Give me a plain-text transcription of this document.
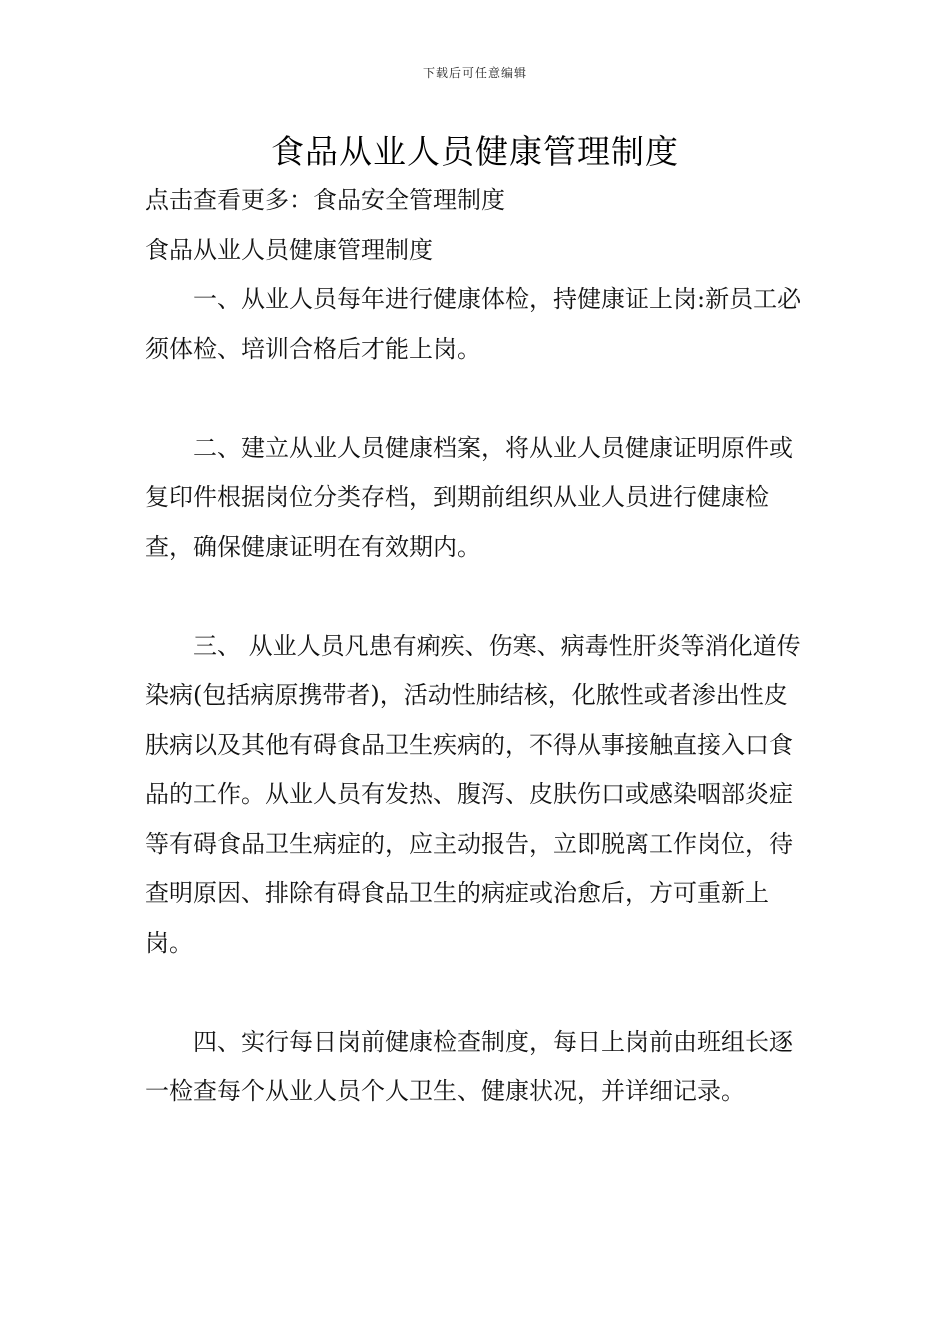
下载后可任意编辑
食品从业人员健康管理制度

点击查看更多：食品安全管理制度

食品从业人员健康管理制度

一、从业人员每年进行健康体检，持健康证上岗:新员工必须体检、培训合格后才能上岗。

二、建立从业人员健康档案，将从业人员健康证明原件或复印件根据岗位分类存档，到期前组织从业人员进行健康检查，确保健康证明在有效期内。

三、 从业人员凡患有痢疾、伤寒、病毒性肝炎等消化道传染病(包括病原携带者)，活动性肺结核，化脓性或者渗出性皮肤病以及其他有碍食品卫生疾病的，不得从事接触直接入口食品的工作。从业人员有发热、腹泻、皮肤伤口或感染咽部炎症等有碍食品卫生病症的，应主动报告，立即脱离工作岗位，待查明原因、排除有碍食品卫生的病症或治愈后，方可重新上岗。

四、实行每日岗前健康检查制度，每日上岗前由班组长逐一检查每个从业人员个人卫生、健康状况，并详细记录。
